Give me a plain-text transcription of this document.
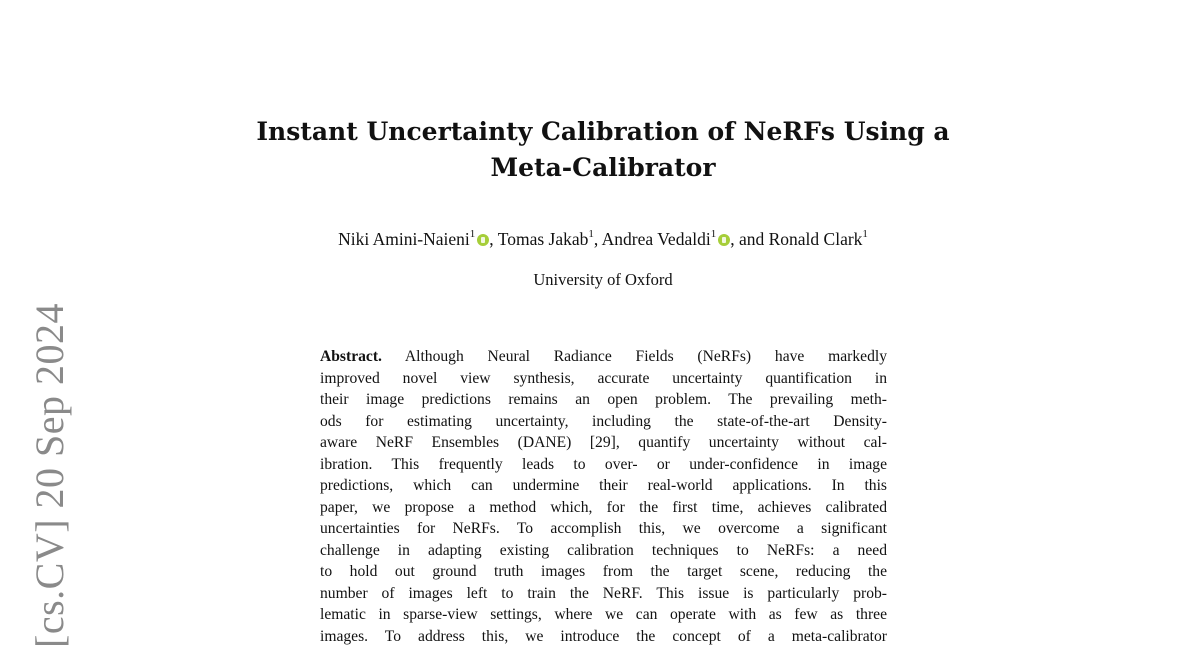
[cs.CV] 20 Sep 2024
Instant Uncertainty Calibration of NeRFs Using a
Meta-Calibrator
Niki Amini-Naieni$^1$ , Tomas Jakab$^1$, Andrea Vedaldi$^1$ , and Ronald Clark$^1$
University of Oxford
Abstract. Although Neural Radiance Fields (NeRFs) have markedly
improved novel view synthesis, accurate uncertainty quantification in
their image predictions remains an open problem. The prevailing meth-
ods for estimating uncertainty, including the state-of-the-art Density-
aware NeRF Ensembles (DANE) [29], quantify uncertainty without cal-
ibration. This frequently leads to over- or under-confidence in image
predictions, which can undermine their real-world applications. In this
paper, we propose a method which, for the first time, achieves calibrated
uncertainties for NeRFs. To accomplish this, we overcome a significant
challenge in adapting existing calibration techniques to NeRFs: a need
to hold out ground truth images from the target scene, reducing the
number of images left to train the NeRF. This issue is particularly prob-
lematic in sparse-view settings, where we can operate with as few as three
images. To address this, we introduce the concept of a meta-calibrator
